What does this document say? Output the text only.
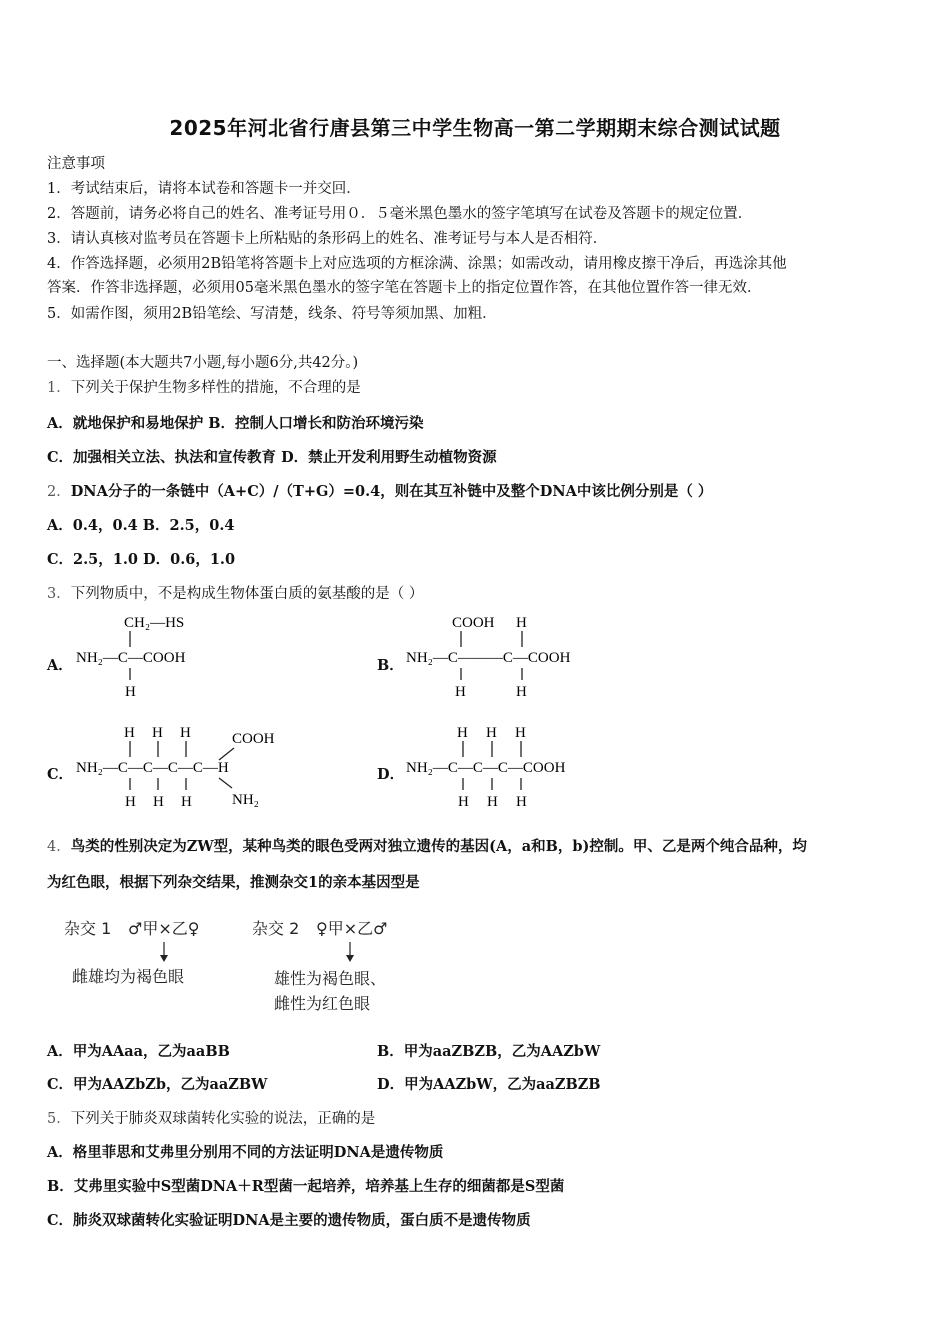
2025年河北省行唐县第三中学生物高一第二学期期末综合测试试题
注意事项
1．考试结束后，请将本试卷和答题卡一并交回．
2．答题前，请务必将自己的姓名、准考证号用０．５毫米黑色墨水的签字笔填写在试卷及答题卡的规定位置．
3．请认真核对监考员在答题卡上所粘贴的条形码上的姓名、准考证号与本人是否相符．
4．作答选择题，必须用2B铅笔将答题卡上对应选项的方框涂满、涂黑；如需改动，请用橡皮擦干净后，再选涂其他
答案．作答非选择题，必须用05毫米黑色墨水的签字笔在答题卡上的指定位置作答，在其他位置作答一律无效．
5．如需作图，须用2B铅笔绘、写清楚，线条、符号等须加黑、加粗．
一、选择题(本大题共7小题,每小题6分,共42分。)
1．下列关于保护生物多样性的措施，不合理的是
A．就地保护和易地保护 B．控制人口增长和防治环境污染
C．加强相关立法、执法和宣传教育 D．禁止开发利用野生动植物资源
2．DNA分子的一条链中（A+C）/（T+G）=0.4，则在其互补链中及整个DNA中该比例分别是（ ）
A．0.4，0.4 B．2.5，0.4
C．2.5，1.0 D．0.6，1.0
3．下列物质中，不是构成生物体蛋白质的氨基酸的是（ ）
A．	B．
C．	D．
CH₂—HS
NH₂—C—COOH
H
COOH H
NH₂—C———C—COOH
H	H
H H H	COOH
NH₂—C—C—C—C—H
H H H	NH₂
H H H
NH₂—C—C—C—COOH
H H H
4．鸟类的性别决定为ZW型，某种鸟类的眼色受两对独立遗传的基因(A，a和B，b)控制。甲、乙是两个纯合品种，均
为红色眼，根据下列杂交结果，推测杂交1的亲本基因型是
杂交 1 ♂甲×乙♀
雌雄均为褐色眼
杂交 2 ♀甲×乙♂
雄性为褐色眼、
雌性为红色眼
A．甲为AAaa，乙为aaBB	B．甲为aaZBZB，乙为AAZbW
C．甲为AAZbZb，乙为aaZBW	D．甲为AAZbW，乙为aaZBZB
5．下列关于肺炎双球菌转化实验的说法，正确的是
A．格里菲思和艾弗里分别用不同的方法证明DNA是遗传物质
B．艾弗里实验中S型菌DNA＋R型菌一起培养，培养基上生存的细菌都是S型菌
C．肺炎双球菌转化实验证明DNA是主要的遗传物质，蛋白质不是遗传物质
